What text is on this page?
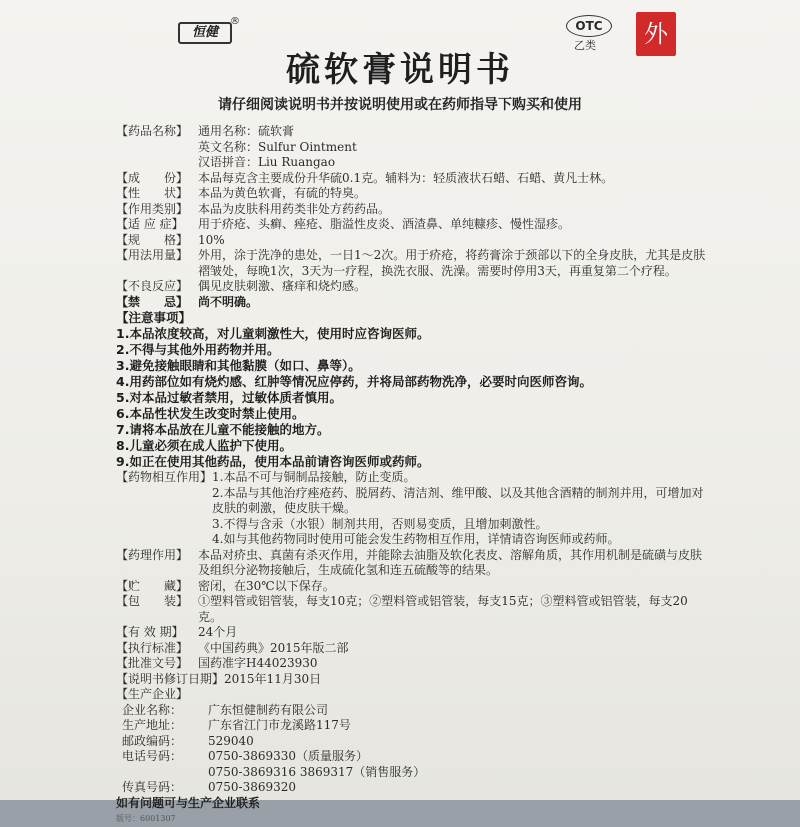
恒健
®	OTC
乙类	外
硫软膏说明书
请仔细阅读说明书并按说明使用或在药师指导下购买和使用
【药品名称】 通用名称：硫软膏
英文名称：Sulfur Ointment
汉语拼音：Liu Ruangao
【成　　份】 本品每克含主要成份升华硫0.1克。辅料为：轻质液状石蜡、石蜡、黄凡士林。
【性　　状】 本品为黄色软膏，有硫的特臭。
【作用类别】 本品为皮肤科用药类非处方药药品。
【适 应 症】	用于疥疮、头癣、痤疮、脂溢性皮炎、酒渣鼻、单纯糠疹、慢性湿疹。
【规　　格】 10%
【用法用量】 外用，涂于洗净的患处，一日1～2次。用于疥疮，将药膏涂于颈部以下的全身皮肤，尤其是皮肤褶皱处，每晚1次，3天为一疗程，换洗衣服、洗澡。需要时停用3天，再重复第二个疗程。
【不良反应】 偶见皮肤刺激、瘙痒和烧灼感。
【禁　　忌】 尚不明确。
【注意事项】
1.本品浓度较高，对儿童刺激性大，使用时应咨询医师。
2.不得与其他外用药物并用。
3.避免接触眼睛和其他黏膜（如口、鼻等）。
4.用药部位如有烧灼感、红肿等情况应停药，并将局部药物洗净，必要时向医师咨询。
5.对本品过敏者禁用，过敏体质者慎用。
6.本品性状发生改变时禁止使用。
7.请将本品放在儿童不能接触的地方。
8.儿童必须在成人监护下使用。
9.如正在使用其他药品，使用本品前请咨询医师或药师。
【药物相互作用】 1.本品不可与铜制品接触，防止变质。
2.本品与其他治疗痤疮药、脱屑药、清洁剂、维甲酸、以及其他含酒精的制剂并用，可增加对皮肤的刺激，使皮肤干燥。
3.不得与含汞（水银）制剂共用，否则易变质，且增加刺激性。
4.如与其他药物同时使用可能会发生药物相互作用，详情请咨询医师或药师。
【药理作用】 本品对疥虫、真菌有杀灭作用，并能除去油脂及软化表皮、溶解角质，其作用机制是硫磺与皮肤及组织分泌物接触后，生成硫化氢和连五硫酸等的结果。
【贮　　藏】 密闭，在30℃以下保存。
【包　　装】 ①塑料管或铝管装，每支10克；②塑料管或铝管装，每支15克；③塑料管或铝管装，每支20克。
【有 效 期】	24个月
【执行标准】 《中国药典》2015年版二部
【批准文号】 国药准字H44023930
【说明书修订日期】 2015年11月30日
【生产企业】
企业名称：	广东恒健制药有限公司
生产地址：	广东省江门市龙溪路117号
邮政编码：	529040
电话号码：	0750-3869330（质量服务）
0750-3869316 3869317（销售服务）
传真号码：	0750-3869320
如有问题可与生产企业联系
版号：6001307
